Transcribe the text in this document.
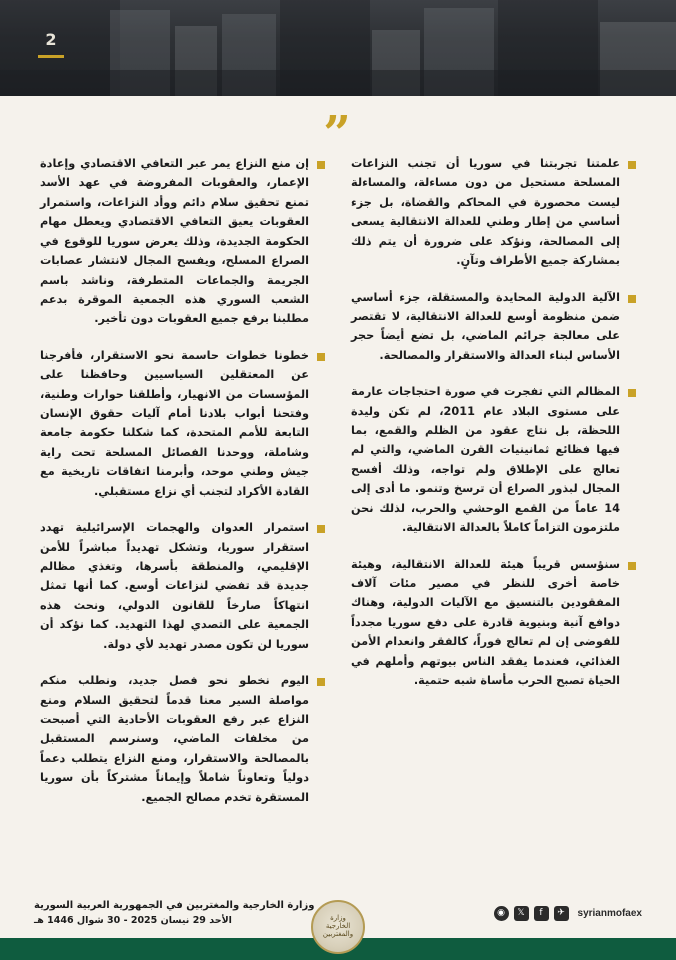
2
”
علمتنا تجربتنا في سوريا أن تجنب النزاعات المسلحة مستحيل من دون مساءلة، والمساءلة ليست محصورة في المحاكم والقضاة، بل جزء أساسي من إطار وطني للعدالة الانتقالية يسعى إلى المصالحة، ونؤكد على ضرورة أن يتم ذلك بمشاركة جميع الأطراف وتآنٍ.
الآلية الدولية المحايدة والمستقلة، جزء أساسي ضمن منظومة أوسع للعدالة الانتقالية، لا تقتصر على معالجة جرائم الماضي، بل تضع أيضاً حجر الأساس لبناء العدالة والاستقرار والمصالحة.
المظالم التي تفجرت في صورة احتجاجات عارمة على مستوى البلاد عام 2011، لم تكن وليدة اللحظة، بل نتاج عقود من الظلم والقمع، بما فيها فظائع ثمانينيات القرن الماضي، والتي لم تعالج على الإطلاق ولم تواجه، وذلك أفسح المجال لبذور الصراع أن ترسخ وتنمو. ما أدى إلى 14 عاماً من القمع الوحشي والحرب، لذلك نحن ملتزمون التزاماً كاملاً بالعدالة الانتقالية.
سنؤسس قريباً هيئة للعدالة الانتقالية، وهيئة خاصة أخرى للنظر في مصير مئات آلاف المفقودين بالتنسيق مع الآليات الدولية، وهناك دوافع آنية وبنيوية قادرة على دفع سوريا مجدداً للفوضى إن لم تعالج فوراً، كالفقر وانعدام الأمن الغذائي، فعندما يفقد الناس بيوتهم وأملهم في الحياة تصبح الحرب مأساة شبه حتمية.
إن منع النزاع يمر عبر التعافي الاقتصادي وإعادة الإعمار، والعقوبات المفروضة في عهد الأسد تمنع تحقيق سلام دائم ووأد النزاعات، واستمرار العقوبات يعيق التعافي الاقتصادي ويعطل مهام الحكومة الجديدة، وذلك يعرض سوريا للوقوع في الصراع المسلح، ويفسح المجال لانتشار عصابات الجريمة والجماعات المتطرفة، وناشد باسم الشعب السوري هذه الجمعية الموقرة بدعم مطلبنا برفع جميع العقوبات دون تأخير.
خطونا خطوات حاسمة نحو الاستقرار، فأفرجنا عن المعتقلين السياسيين وحافظنا على المؤسسات من الانهيار، وأطلقنا حوارات وطنية، وفتحنا أبواب بلادنا أمام آليات حقوق الإنسان التابعة للأمم المتحدة، كما شكلنا حكومة جامعة وشاملة، ووحدنا الفصائل المسلحة تحت راية جيش وطني موحد، وأبرمنا اتفاقات تاريخية مع القادة الأكراد لتجنب أي نزاع مستقبلي.
استمرار العدوان والهجمات الإسرائيلية تهدد استقرار سوريا، وتشكل تهديداً مباشراً للأمن الإقليمي، والمنطقة بأسرها، وتغذي مظالم جديدة قد تفضي لنزاعات أوسع. كما أنها تمثل انتهاكاً صارخاً للقانون الدولي، ونحث هذه الجمعية على التصدي لهذا التهديد. كما نؤكد أن سوريا لن تكون مصدر تهديد لأي دولة.
اليوم نخطو نحو فصل جديد، ونطلب منكم مواصلة السير معنا قدماً لتحقيق السلام ومنع النزاع عبر رفع العقوبات الأحادية التي أصبحت من مخلفات الماضي، وسنرسم المستقبل بالمصالحة والاستقرار، ومنع النزاع يتطلب دعماً دولياً وتعاوناً شاملاً وإيماناً مشتركاً بأن سوريا المستقرة تخدم مصالح الجميع.
◉	𝕏	f	✈	syrianmofaex
وزارة الخارجية والمغتربين في الجمهورية العربية السورية
الأحد 29 نيسان 2025 - 30 شوال 1446 هـ	وزارة الخارجية والمغتربين
